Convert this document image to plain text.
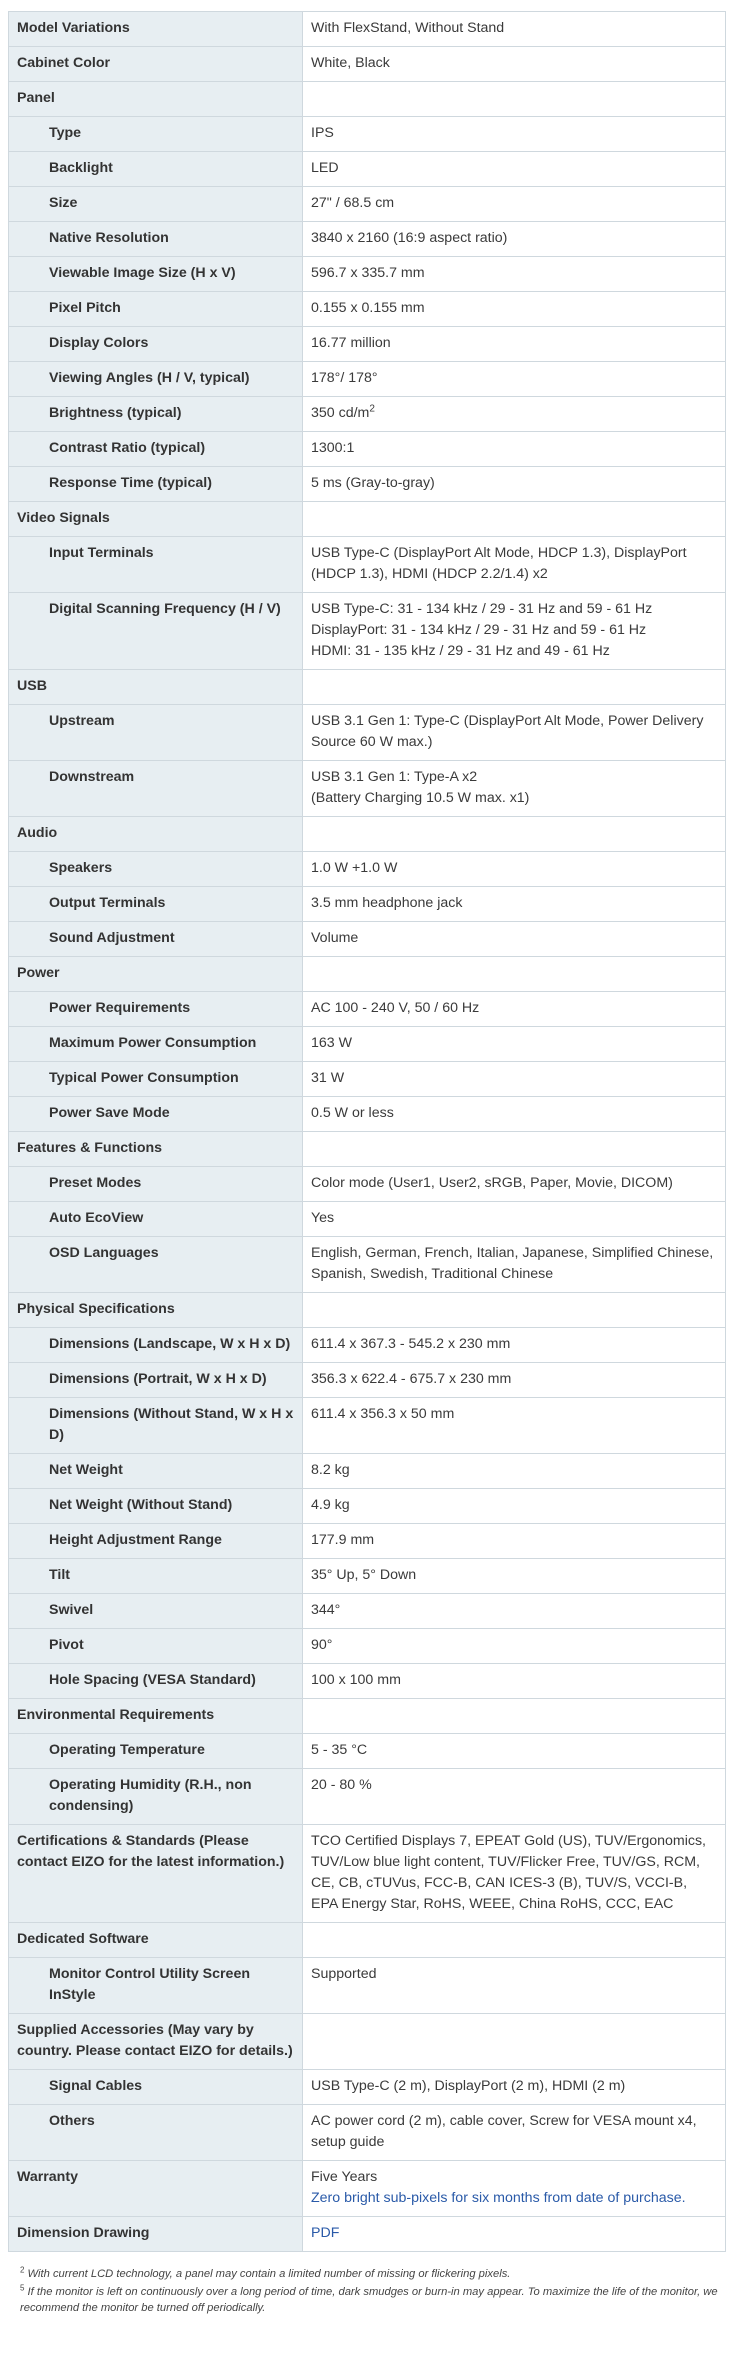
Model Variations	With FlexStand, Without Stand

Cabinet Color	White, Black

Panel	
Type	IPS

Backlight	LED

Size	27" / 68.5 cm

Native Resolution	3840 x 2160 (16:9 aspect ratio)

Viewable Image Size (H x V)	596.7 x 335.7 mm

Pixel Pitch	0.155 x 0.155 mm

Display Colors	16.77 million

Viewing Angles (H / V, typical)	178°/ 178°

Brightness (typical)	350 $cd/m^2$

Contrast Ratio (typical)	1300:1

Response Time (typical)	5 ms (Gray-to-gray)

Video Signals	
Input Terminals	USB Type-C (DisplayPort Alt Mode, HDCP 1.3), DisplayPort (HDCP 1.3), HDMI (HDCP 2.2/1.4) x2

Digital Scanning Frequency (H / V)	USB Type-C: 31 - 134 kHz / 29 - 31 Hz and 59 - 61 Hz
DisplayPort: 31 - 134 kHz / 29 - 31 Hz and 59 - 61 Hz
HDMI: 31 - 135 kHz / 29 - 31 Hz and 49 - 61 Hz

USB	
Upstream	USB 3.1 Gen 1: Type-C (DisplayPort Alt Mode, Power Delivery Source 60 W max.)

Downstream	USB 3.1 Gen 1: Type-A x2
(Battery Charging 10.5 W max. x1)

Audio	
Speakers	1.0 W +1.0 W

Output Terminals	3.5 mm headphone jack

Sound Adjustment	Volume

Power	
Power Requirements	AC 100 - 240 V, 50 / 60 Hz

Maximum Power Consumption	163 W

Typical Power Consumption	31 W

Power Save Mode	0.5 W or less

Features & Functions	
Preset Modes	Color mode (User1, User2, sRGB, Paper, Movie, DICOM)

Auto EcoView	Yes

OSD Languages	English, German, French, Italian, Japanese, Simplified Chinese, Spanish, Swedish, Traditional Chinese

Physical Specifications	
Dimensions (Landscape, W x H x D)	611.4 x 367.3 - 545.2 x 230 mm

Dimensions (Portrait, W x H x D)	356.3 x 622.4 - 675.7 x 230 mm

Dimensions (Without Stand, W x H x D)	611.4 x 356.3 x 50 mm

Net Weight	8.2 kg

Net Weight (Without Stand)	4.9 kg

Height Adjustment Range	177.9 mm

Tilt	35° Up, 5° Down

Swivel	344°

Pivot	90°

Hole Spacing (VESA Standard)	100 x 100 mm

Environmental Requirements	
Operating Temperature	5 - 35 °C

Operating Humidity (R.H., non condensing)	20 - 80 %

Certifications & Standards (Please contact EIZO for the latest information.)	TCO Certified Displays 7, EPEAT Gold (US), TUV/Ergonomics, TUV/Low blue light content, TUV/Flicker Free, TUV/GS, RCM, CE, CB, cTUVus, FCC-B, CAN ICES-3 (B), TUV/S, VCCI-B, EPA Energy Star, RoHS, WEEE, China RoHS, CCC, EAC

Dedicated Software	
Monitor Control Utility Screen InStyle	Supported

Supplied Accessories (May vary by country. Please contact EIZO for details.)	
Signal Cables	USB Type-C (2 m), DisplayPort (2 m), HDMI (2 m)

Others	AC power cord (2 m), cable cover, Screw for VESA mount x4, setup guide

Warranty	Five Years
Zero bright sub-pixels for six months from date of purchase.

Dimension Drawing	PDF
$^2$ With current LCD technology, a panel may contain a limited number of missing or flickering pixels.
$^5$ If the monitor is left on continuously over a long period of time, dark smudges or burn-in may appear. To maximize the life of the monitor, we recommend the monitor be turned off periodically.
